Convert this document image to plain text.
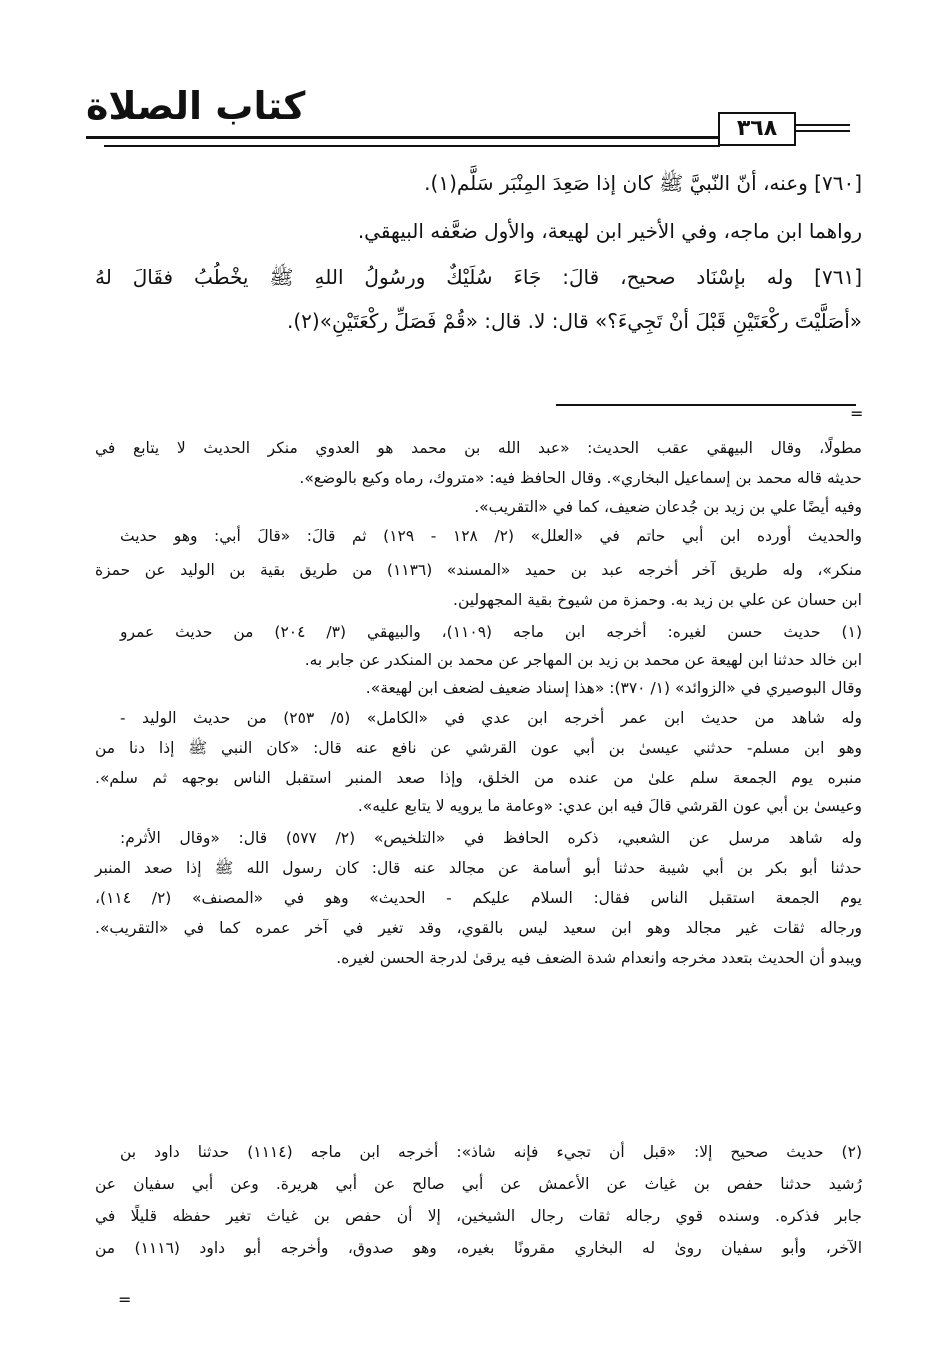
كتاب الصلاة
٣٦٨
[٧٦٠] وعنه، أنّ النّبيَّ ﷺ كان إذا صَعِدَ المِنْبَر سَلَّم(١).
رواهما ابن ماجه، وفي الأخير ابن لهيعة، والأول ضعَّفه البيهقي.
[٧٦١] وله بإسْنَاد صحيح، قالَ: جَاءَ سُلَيْكٌ ورسُولُ اللهِ ﷺ يخْطُبُ فقَالَ لهُ
«أصَلَّيْتَ ركْعَتَيْنِ قَبْلَ أنْ تَجِيءَ؟» قال: لا. قال: «قُمْ فَصَلِّ ركْعَتَيْنِ»(٢).
=
مطولًا، وقال البيهقي عقب الحديث: «عبد الله بن محمد هو العدوي منكر الحديث لا يتابع في
حديثه قاله محمد بن إسماعيل البخاري». وقال الحافظ فيه: «متروك، رماه وكيع بالوضع».
وفيه أيضًا علي بن زيد بن جُدعان ضعيف، كما في «التقريب».
والحديث أورده ابن أبي حاتم في «العلل» (٢/ ١٢٨ - ١٢٩) ثم قالَ: «قالَ أبي: وهو حديث
منكر»، وله طريق آخر أخرجه عبد بن حميد «المسند» (١١٣٦) من طريق بقية بن الوليد عن حمزة
ابن حسان عن علي بن زيد به. وحمزة من شيوخ بقية المجهولين.
(١) حديث حسن لغيره: أخرجه ابن ماجه (١١٠٩)، والبيهقي (٣/ ٢٠٤) من حديث عمرو
ابن خالد حدثنا ابن لهيعة عن محمد بن زيد بن المهاجر عن محمد بن المنكدر عن جابر به.
وقال البوصيري في «الزوائد» (١/ ٣٧٠): «هذا إسناد ضعيف لضعف ابن لهيعة».
وله شاهد من حديث ابن عمر أخرجه ابن عدي في «الكامل» (٥/ ٢٥٣) من حديث الوليد -
وهو ابن مسلم- حدثني عيسىٰ بن أبي عون القرشي عن نافع عنه قال: «كان النبي ﷺ إذا دنا من
منبره يوم الجمعة سلم علىٰ من عنده من الخلق، وإذا صعد المنبر استقبل الناس بوجهه ثم سلم».
وعيسىٰ بن أبي عون القرشي قالَ فيه ابن عدي: «وعامة ما يرويه لا يتابع عليه».
وله شاهد مرسل عن الشعبي، ذكره الحافظ في «التلخيص» (٢/ ٥٧٧) قال: «وقال الأثرم:
حدثنا أبو بكر بن أبي شيبة حدثنا أبو أسامة عن مجالد عنه قال: كان رسول الله ﷺ إذا صعد المنبر
يوم الجمعة استقبل الناس فقال: السلام عليكم - الحديث» وهو في «المصنف» (٢/ ١١٤)،
ورجاله ثقات غير مجالد وهو ابن سعيد ليس بالقوي، وقد تغير في آخر عمره كما في «التقريب».
ويبدو أن الحديث بتعدد مخرجه وانعدام شدة الضعف فيه يرقىٰ لدرجة الحسن لغيره.
(٢) حديث صحيح إلا: «قبل أن تجيء فإنه شاذ»: أخرجه ابن ماجه (١١١٤) حدثنا داود بن
رُشيد حدثنا حفص بن غياث عن الأعمش عن أبي صالح عن أبي هريرة. وعن أبي سفيان عن
جابر فذكره. وسنده قوي رجاله ثقات رجال الشيخين، إلا أن حفص بن غياث تغير حفظه قليلًا في
الآخر، وأبو سفيان روىٰ له البخاري مقرونًا بغيره، وهو صدوق، وأخرجه أبو داود (١١١٦) من
=
